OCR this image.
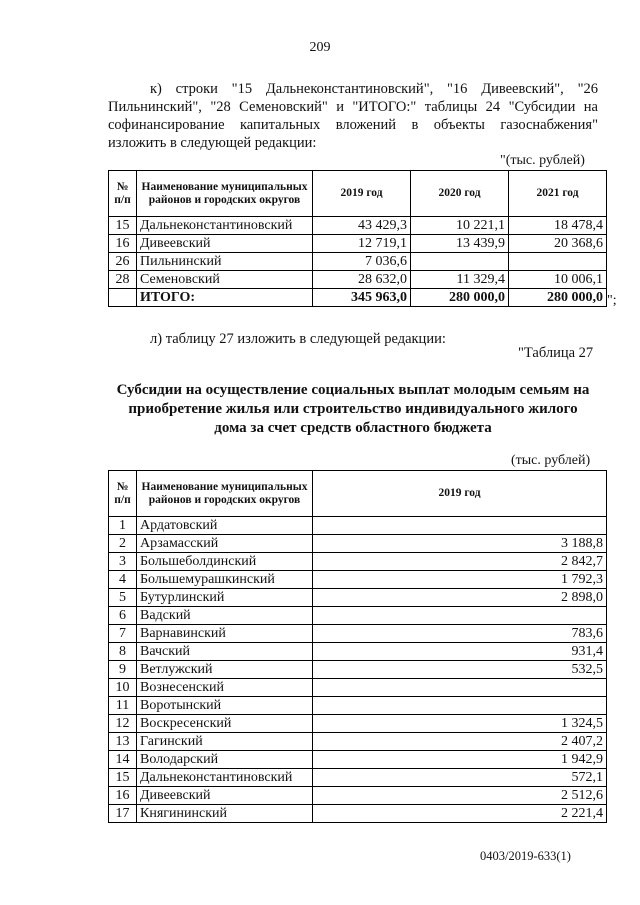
209
к) строки "15 Дальнеконстантиновский", "16 Дивеевский", "26
Пильнинский", "28 Семеновский" и "ИТОГО:" таблицы 24 "Субсидии на
софинансирование капитальных вложений в объекты газоснабжения"
изложить в следующей редакции:
"(тыс. рублей)
№ п/п	Наименование муниципальных районов и городских округов	2019 год	2020 год	2021 год
15	Дальнеконстантиновский	43 429,3	10 221,1	18 478,4
16	Дивеевский	12 719,1	13 439,9	20 368,6
26	Пильнинский	7 036,6		
28	Семеновский	28 632,0	11 329,4	10 006,1
	ИТОГО:	345 963,0	280 000,0	280 000,0 ";
л) таблицу 27 изложить в следующей редакции:
"Таблица 27
Субсидии на осуществление социальных выплат молодым семьям на
приобретение жилья или строительство индивидуального жилого
дома за счет средств областного бюджета
(тыс. рублей)
№ п/п	Наименование муниципальных районов и городских округов	2019 год
1	Ардатовский	
2	Арзамасский	3 188,8
3	Большеболдинский	2 842,7
4	Большемурашкинский	1 792,3
5	Бутурлинский	2 898,0
6	Вадский	
7	Варнавинский	783,6
8	Вачский	931,4
9	Ветлужский	532,5
10	Вознесенский	
11	Воротынский	
12	Воскресенский	1 324,5
13	Гагинский	2 407,2
14	Володарский	1 942,9
15	Дальнеконстантиновский	572,1
16	Дивеевский	2 512,6
17	Княгининский	2 221,4
0403/2019-633(1)
